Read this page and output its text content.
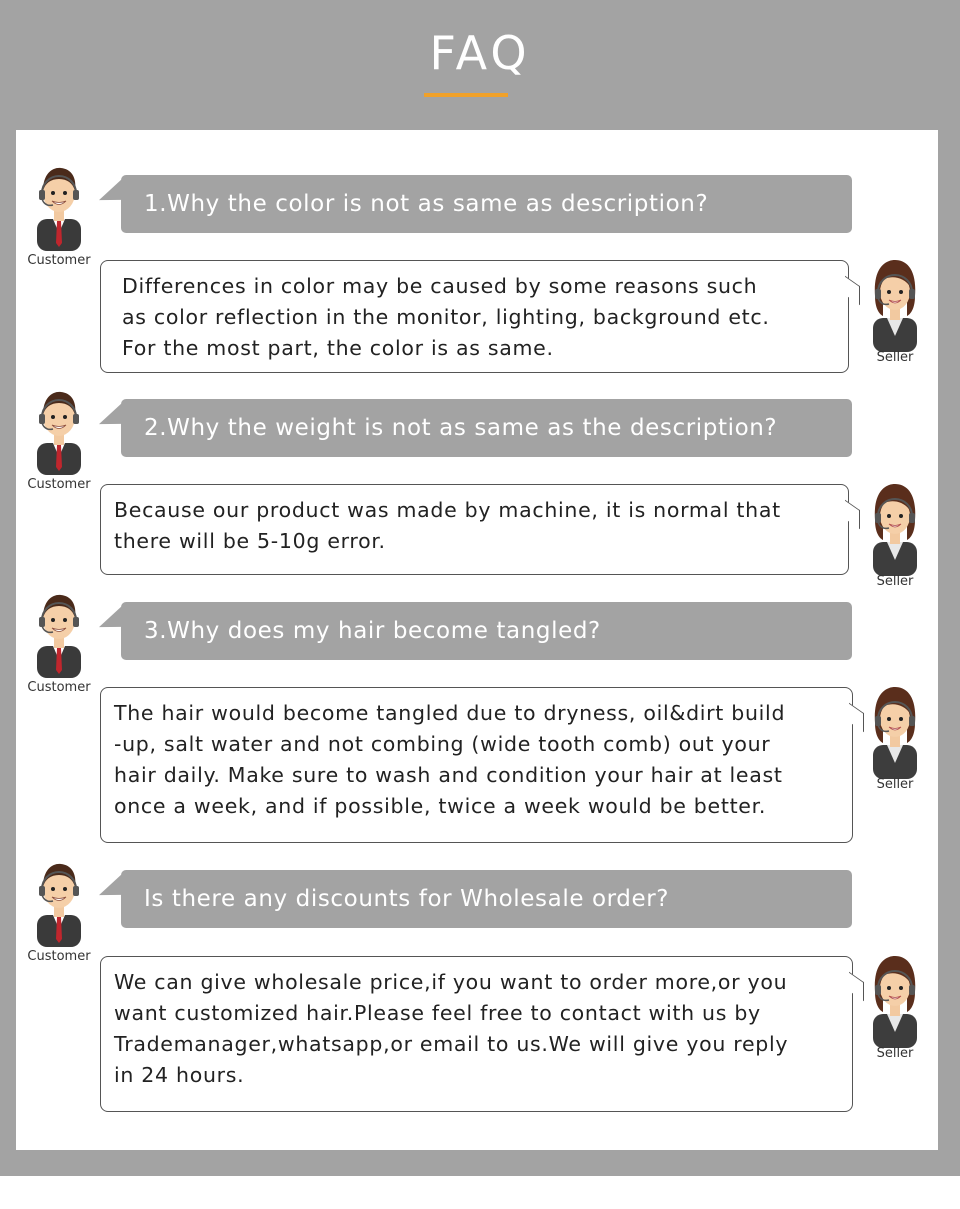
FAQ
Customer
1.Why the color is not as same as description?
Differences in color may be caused by some reasons such
as color reflection in the monitor, lighting, background etc.
For the most part, the color is as same.	Seller
Customer
2.Why the weight is not as same as the description?
Because our product was made by machine, it is normal that
there will be 5-10g error.
Seller
Customer
3.Why does my hair become tangled?
The hair would become tangled due to dryness, oil&dirt build
-up, salt water and not combing (wide tooth comb) out your
hair daily. Make sure to wash and condition your hair at least
once a week, and if possible, twice a week would be better.
Seller
Customer
Is there any discounts for Wholesale order?
We can give wholesale price,if you want to order more,or you
want customized hair.Please feel free to contact with us by
Trademanager,whatsapp,or email to us.We will give you reply
in 24 hours.
Seller
